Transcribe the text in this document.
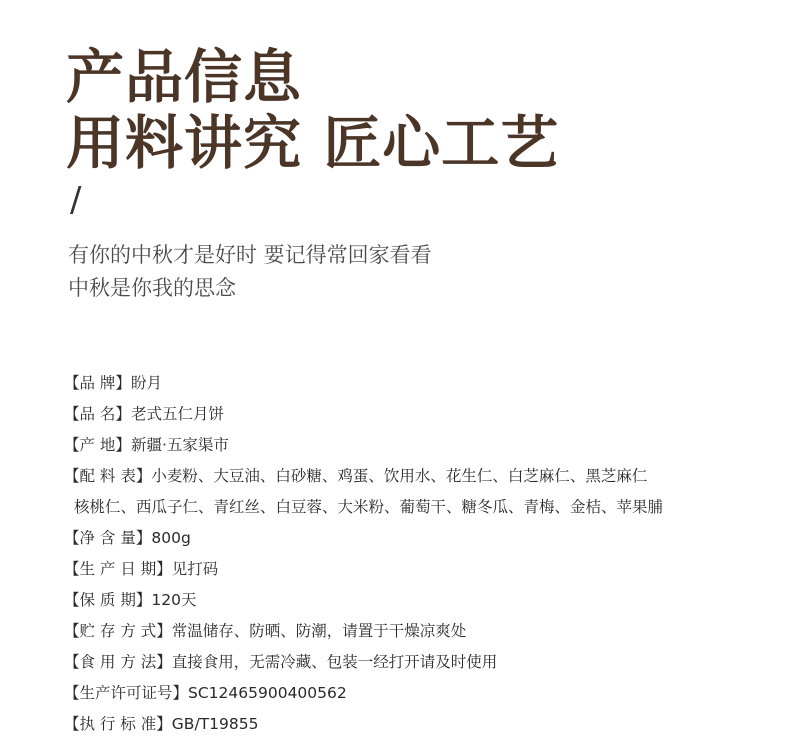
产品信息
用料讲究 匠心工艺
/
有你的中秋才是好时 要记得常回家看看
中秋是你我的思念
【品 牌】 盼月
【品 名】 老式五仁月饼
【产 地】 新疆·五家渠市
【配 料 表】 小麦粉、大豆油、白砂糖、鸡蛋、饮用水、花生仁、白芝麻仁、黑芝麻仁
核桃仁、西瓜子仁、青红丝、白豆蓉、大米粉、葡萄干、糖冬瓜、青梅、金桔、苹果脯
【净 含 量】 800g
【生 产 日 期】 见打码
【保 质 期】 120天
【贮 存 方 式】 常温储存、防晒、防潮，请置于干燥凉爽处
【食 用 方 法】 直接食用，无需冷藏、包装一经打开请及时使用
【生产许可证号】 SC12465900400562
【执 行 标 准】 GB/T19855
